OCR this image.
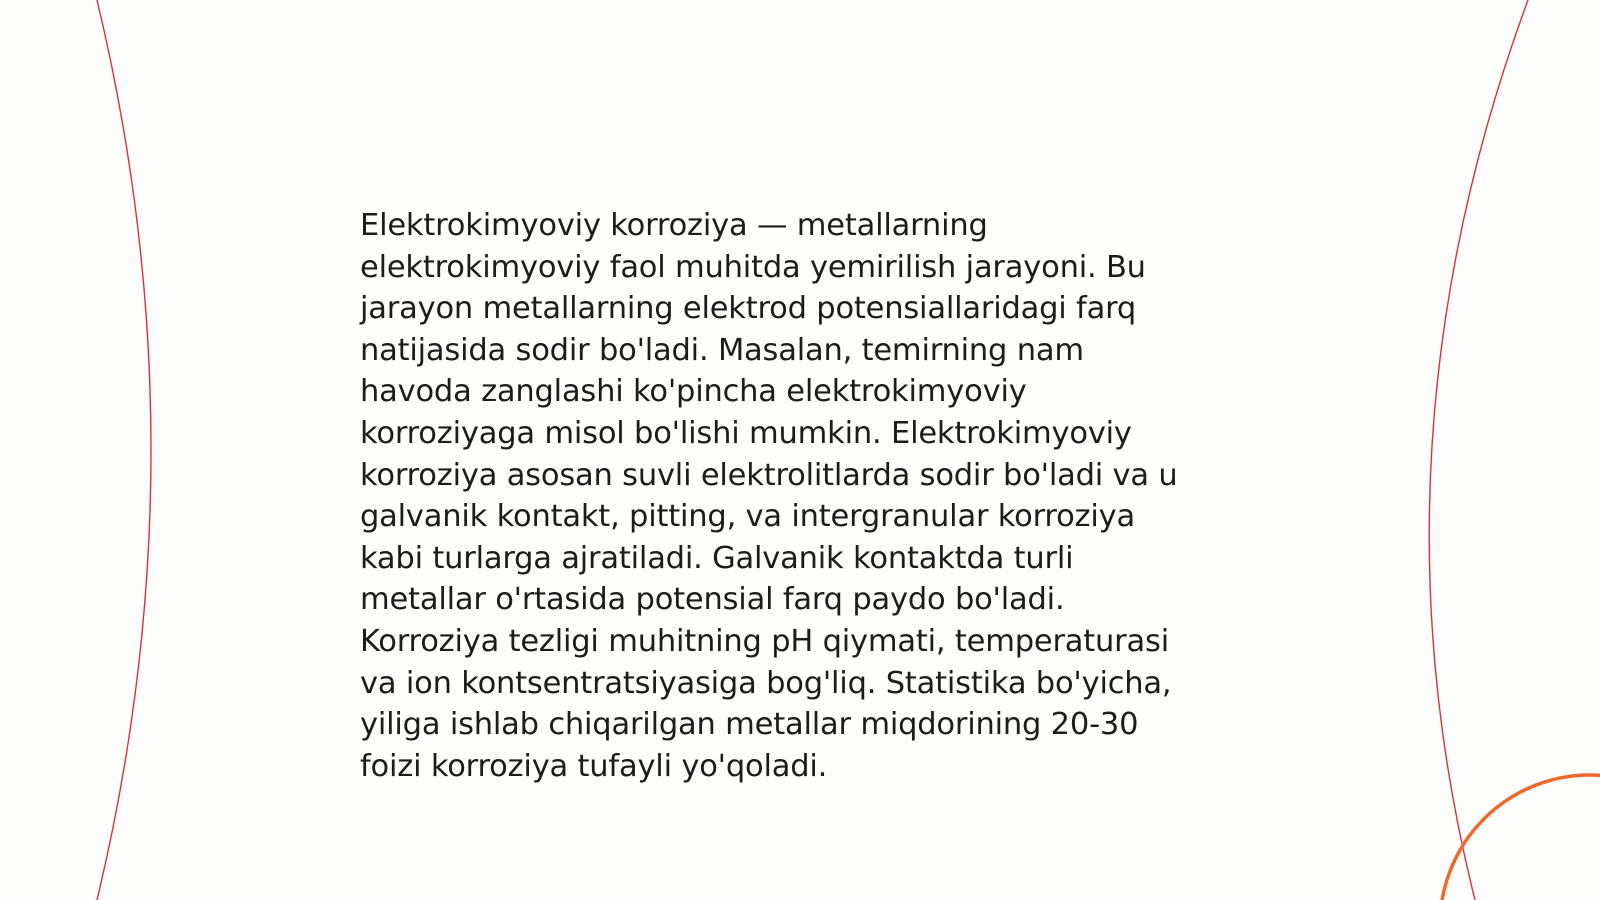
Elektrokimyoviy korroziya — metallarning
elektrokimyoviy faol muhitda yemirilish jarayoni. Bu
jarayon metallarning elektrod potensiallaridagi farq
natijasida sodir bo'ladi. Masalan, temirning nam
havoda zanglashi ko'pincha elektrokimyoviy
korroziyaga misol bo'lishi mumkin. Elektrokimyoviy
korroziya asosan suvli elektrolitlarda sodir bo'ladi va u
galvanik kontakt, pitting, va intergranular korroziya
kabi turlarga ajratiladi. Galvanik kontaktda turli
metallar o'rtasida potensial farq paydo bo'ladi.
Korroziya tezligi muhitning pH qiymati, temperaturasi
va ion kontsentratsiyasiga bog'liq. Statistika bo'yicha,
yiliga ishlab chiqarilgan metallar miqdorining 20-30
foizi korroziya tufayli yo'qoladi.
